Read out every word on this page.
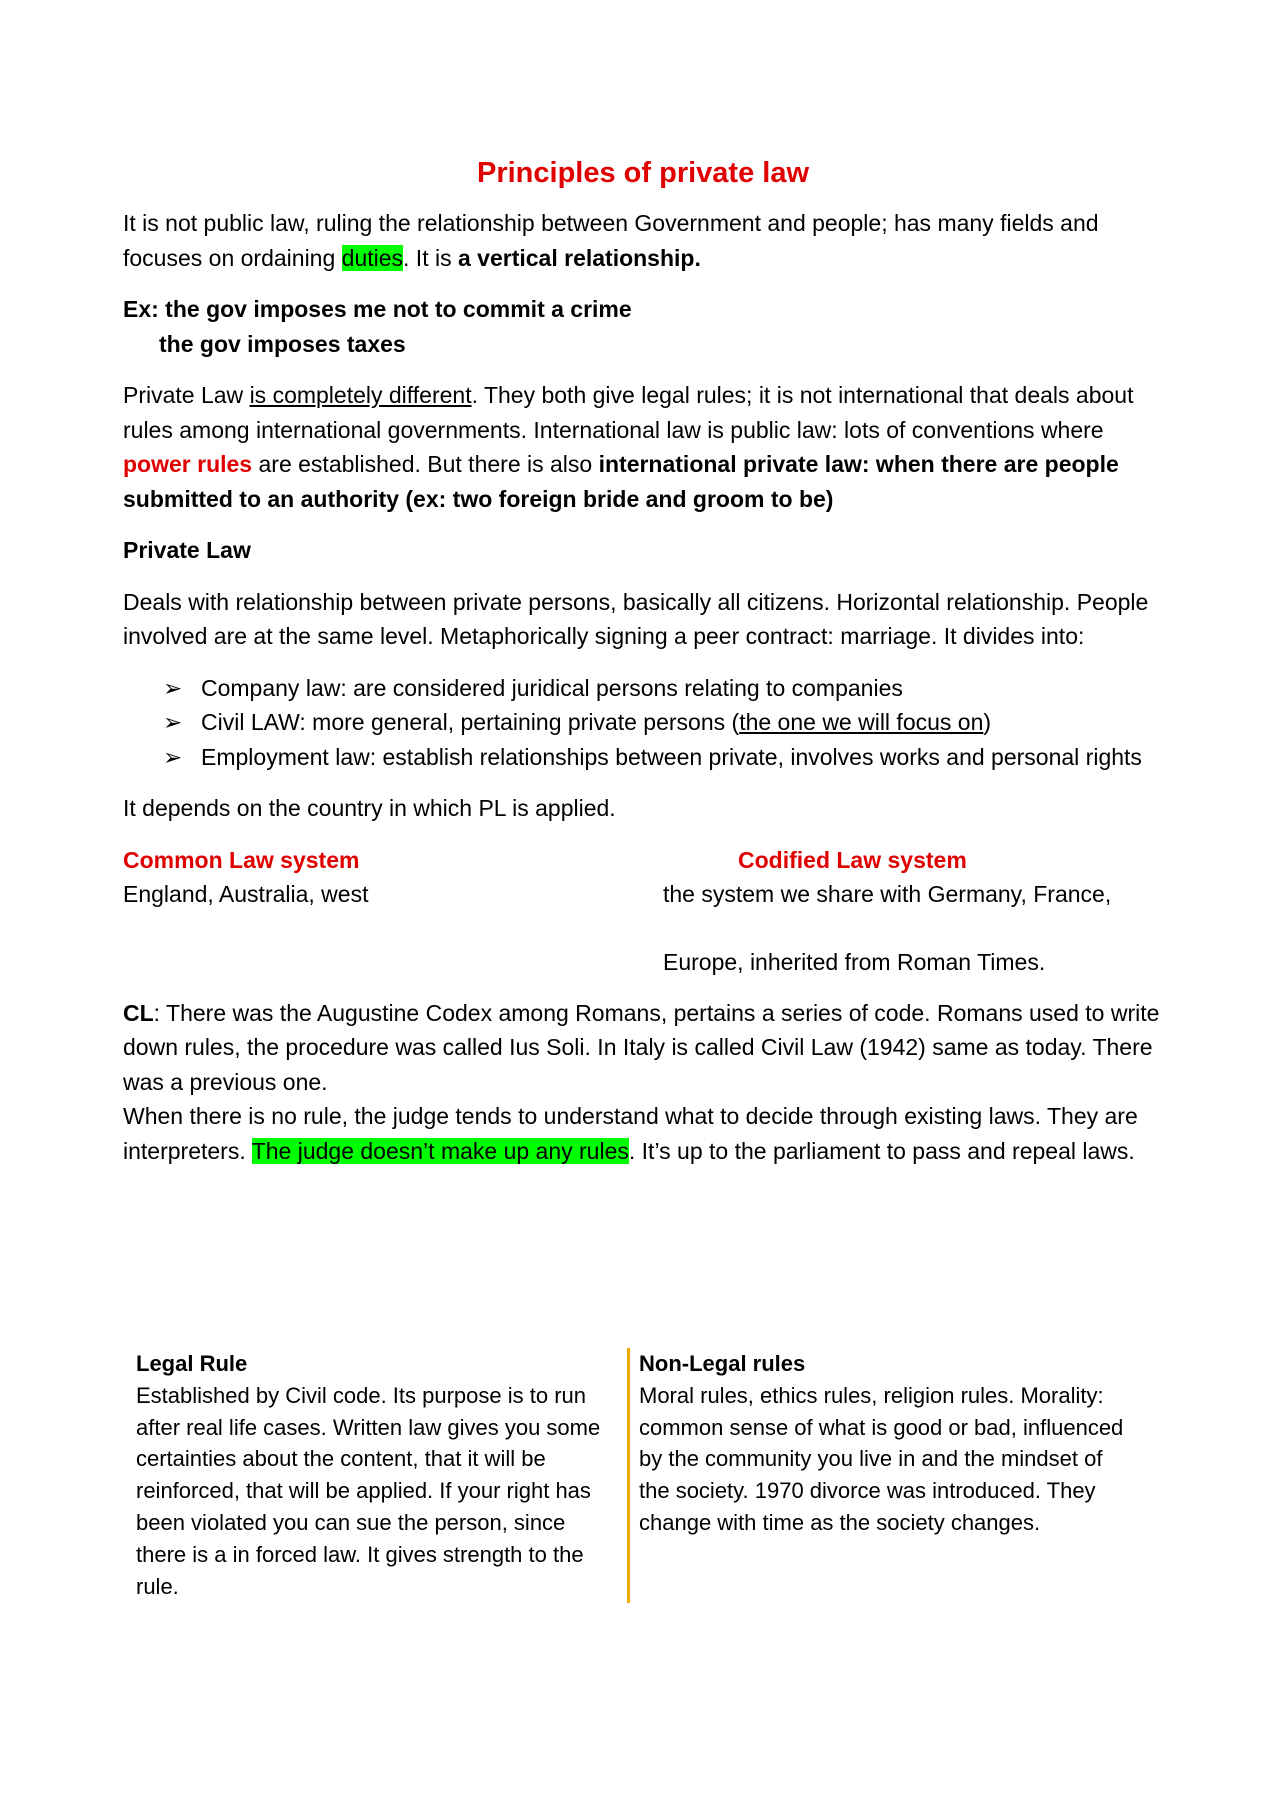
Principles of private law

It is not public law, ruling the relationship between Government and people; has many fields and focuses on ordaining duties. It is a vertical relationship.

Ex: the gov imposes me not to commit a crime

the gov imposes taxes

Private Law is completely different. They both give legal rules; it is not international that deals about rules among international governments. International law is public law: lots of conventions where power rules are established. But there is also international private law: when there are people submitted to an authority (ex: two foreign bride and groom to be)

Private Law

Deals with relationship between private persons, basically all citizens. Horizontal relationship. People involved are at the same level. Metaphorically signing a peer contract: marriage. It divides into:

➢ Company law: are considered juridical persons relating to companies
➢ Civil LAW: more general, pertaining private persons (the one we will focus on)
➢ Employment law: establish relationships between private, involves works and personal rights

It depends on the country in which PL is applied.

Common Law system

England, Australia, west

Codified Law system

the system we share with Germany, France,

Europe, inherited from Roman Times.

CL: There was the Augustine Codex among Romans, pertains a series of code. Romans used to write down rules, the procedure was called Ius Soli. In Italy is called Civil Law (1942) same as today. There was a previous one.

When there is no rule, the judge tends to understand what to decide through existing laws. They are interpreters. The judge doesn’t make up any rules. It’s up to the parliament to pass and repeal laws.

Legal Rule

Established by Civil code. Its purpose is to run after real life cases. Written law gives you some certainties about the content, that it will be reinforced, that will be applied. If your right has been violated you can sue the person, since there is a in forced law. It gives strength to the rule.

Non-Legal rules

Moral rules, ethics rules, religion rules. Morality: common sense of what is good or bad, influenced by the community you live in and the mindset of the society. 1970 divorce was introduced. They change with time as the society changes.
